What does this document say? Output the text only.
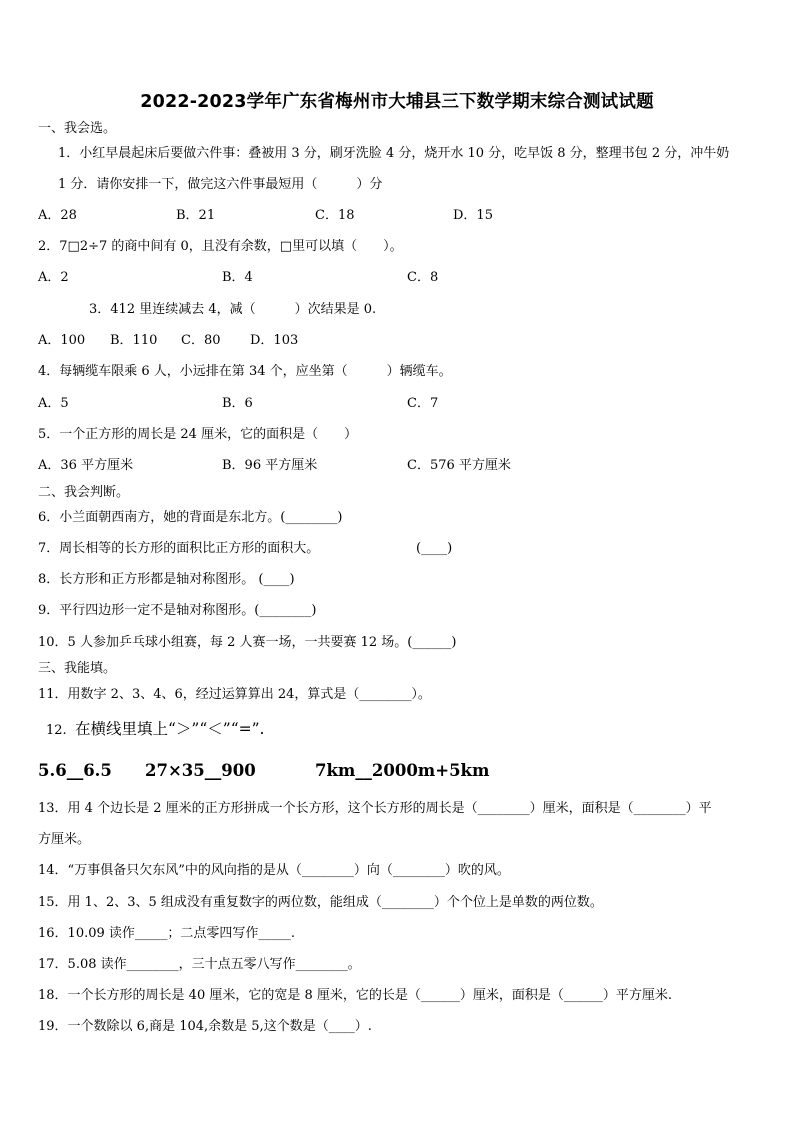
2022-2023学年广东省梅州市大埔县三下数学期末综合测试试题
一、我会选。
1．小红早晨起床后要做六件事：叠被用 3 分，刷牙洗脸 4 分，烧开水 10 分，吃早饭 8 分，整理书包 2 分，冲牛奶
1 分．请你安排一下，做完这六件事最短用（　　　）分
A．28	B．21	C．18	D．15
2．7□2÷7 的商中间有 0，且没有余数，□里可以填（　　）。
A．2	B．4	C．8
3．412 里连续减去 4，减（　　　）次结果是 0.
A．100 B．110 C．80 D．103
4．每辆缆车限乘 6 人，小远排在第 34 个，应坐第（　　　）辆缆车。
A．5	B．6	C．7
5．一个正方形的周长是 24 厘米，它的面积是（　　）
A．36 平方厘米	B．96 平方厘米	C．576 平方厘米
二、我会判断。
6．小兰面朝西南方，她的背面是东北方。(________)
7．周长相等的长方形的面积比正方形的面积大。	(____)
8．长方形和正方形都是轴对称图形。 (____)
9．平行四边形一定不是轴对称图形。(________)
10．5 人参加乒乓球小组赛，每 2 人赛一场，一共要赛 12 场。(______)
三、我能填。
11．用数字 2、3、4、6，经过运算算出 24，算式是（________）。
12. 在横线里填上“＞”“＜”“=”.
5.6__6.5 27×35__900	7km__2000m+5km
13．用 4 个边长是 2 厘米的正方形拼成一个长方形，这个长方形的周长是（________）厘米，面积是（________）平
方厘米。
14．“万事俱备只欠东风”中的风向指的是从（________）向（________）吹的风。
15．用 1、2、3、5 组成没有重复数字的两位数，能组成（________）个个位上是单数的两位数。
16．10.09 读作_____；二点零四写作_____.
17．5.08 读作________，三十点五零八写作________。
18．一个长方形的周长是 40 厘米，它的宽是 8 厘米，它的长是（______）厘米，面积是（______）平方厘米.
19．一个数除以 6,商是 104,余数是 5,这个数是（____）.
